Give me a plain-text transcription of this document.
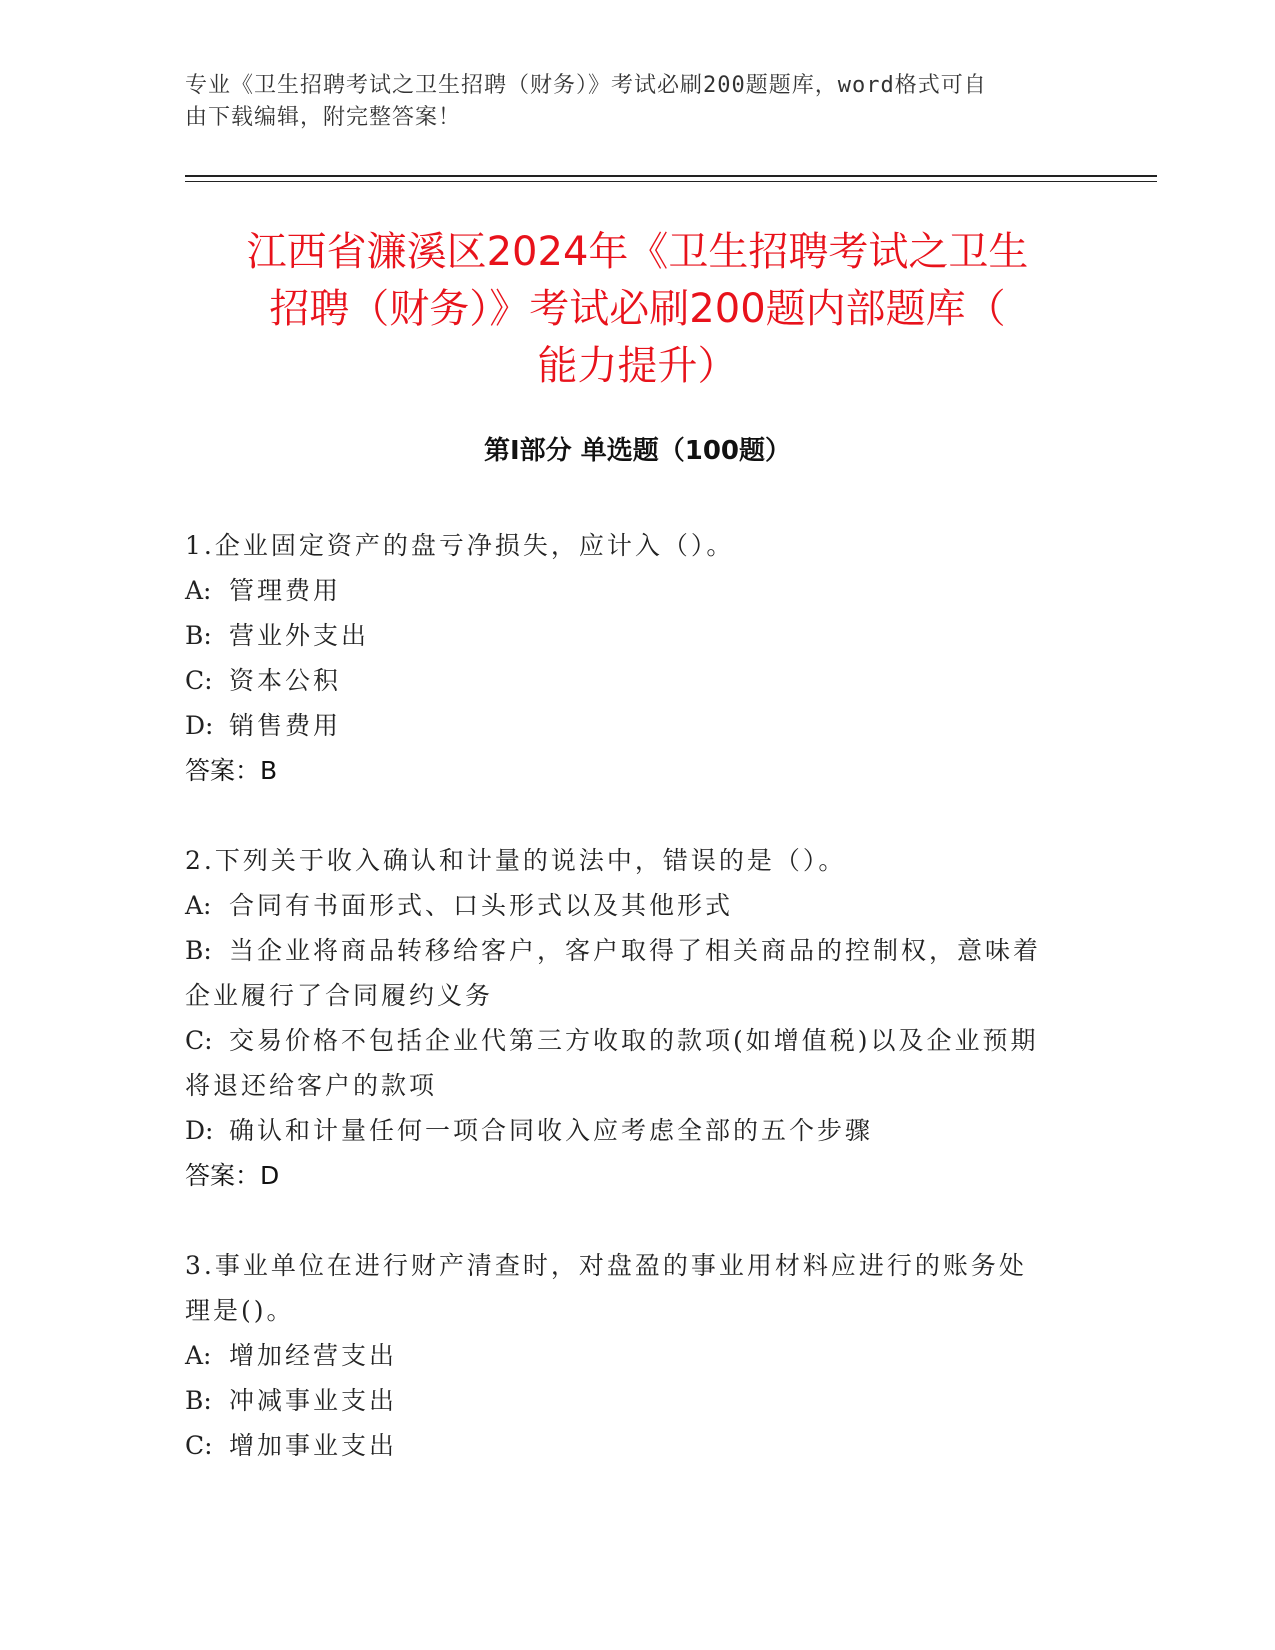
专业《卫生招聘考试之卫生招聘（财务）》考试必刷200题题库，word格式可自
由下载编辑，附完整答案！
江西省濂溪区2024年《卫生招聘考试之卫生
招聘（财务）》考试必刷200题内部题库（
能力提升）
第I部分 单选题（100题）
1.企业固定资产的盘亏净损失，应计入（）。
A: 管理费用
B: 营业外支出
C: 资本公积
D: 销售费用
答案：B
2.下列关于收入确认和计量的说法中，错误的是（）。
A: 合同有书面形式、口头形式以及其他形式
B: 当企业将商品转移给客户，客户取得了相关商品的控制权，意味着
企业履行了合同履约义务
C: 交易价格不包括企业代第三方收取的款项(如增值税)以及企业预期
将退还给客户的款项
D: 确认和计量任何一项合同收入应考虑全部的五个步骤
答案：D
3.事业单位在进行财产清查时，对盘盈的事业用材料应进行的账务处
理是()。
A: 增加经营支出
B: 冲减事业支出
C: 增加事业支出
